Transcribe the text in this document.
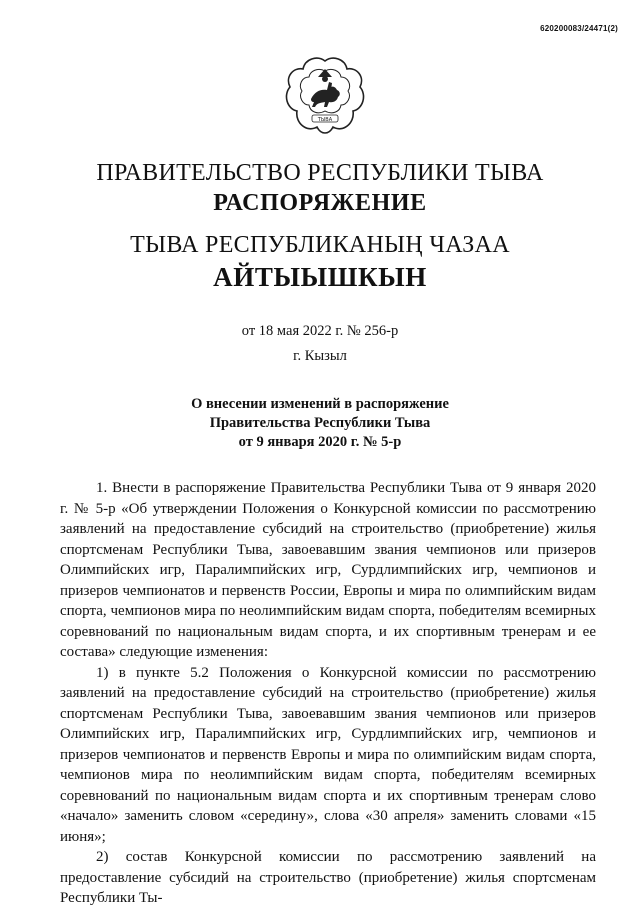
620200083/24471(2)
ТЫВА
ПРАВИТЕЛЬСТВО РЕСПУБЛИКИ ТЫВА
РАСПОРЯЖЕНИЕ
ТЫВА РЕСПУБЛИКАНЫҢ ЧАЗАА
АЙТЫЫШКЫН
от 18 мая 2022 г. № 256-р
г. Кызыл
О внесении изменений в распоряжение
Правительства Республики Тыва
от 9 января 2020 г. № 5-р

1. Внести в распоряжение Правительства Республики Тыва от 9 января 2020 г. № 5-р «Об утверждении Положения о Конкурсной комиссии по рассмотрению заявлений на предоставление субсидий на строительство (приобретение) жилья спортсменам Республики Тыва, завоевавшим звания чемпионов или призеров Олимпийских игр, Паралимпийских игр, Сурдлимпийских игр, чемпионов и призеров чемпионатов и первенств России, Европы и мира по олимпийским видам спорта, чемпионов мира по неолимпийским видам спорта, победителям всемирных соревнований по национальным видам спорта, и их спортивным тренерам и ее состава» следующие изменения:

1) в пункте 5.2 Положения о Конкурсной комиссии по рассмотрению заявлений на предоставление субсидий на строительство (приобретение) жилья спортсменам Республики Тыва, завоевавшим звания чемпионов или призеров Олимпийских игр, Паралимпийских игр, Сурдлимпийских игр, чемпионов и призеров чемпионатов и первенств Европы и мира по олимпийским видам спорта, чемпионов мира по неолимпийским видам спорта, победителям всемирных соревнований по национальным видам спорта и их спортивным тренерам слово «начало» заменить словом «середину», слова «30 апреля» заменить словами «15 июня»;

2) состав Конкурсной комиссии по рассмотрению заявлений на предоставление субсидий на строительство (приобретение) жилья спортсменам Республики Ты-
